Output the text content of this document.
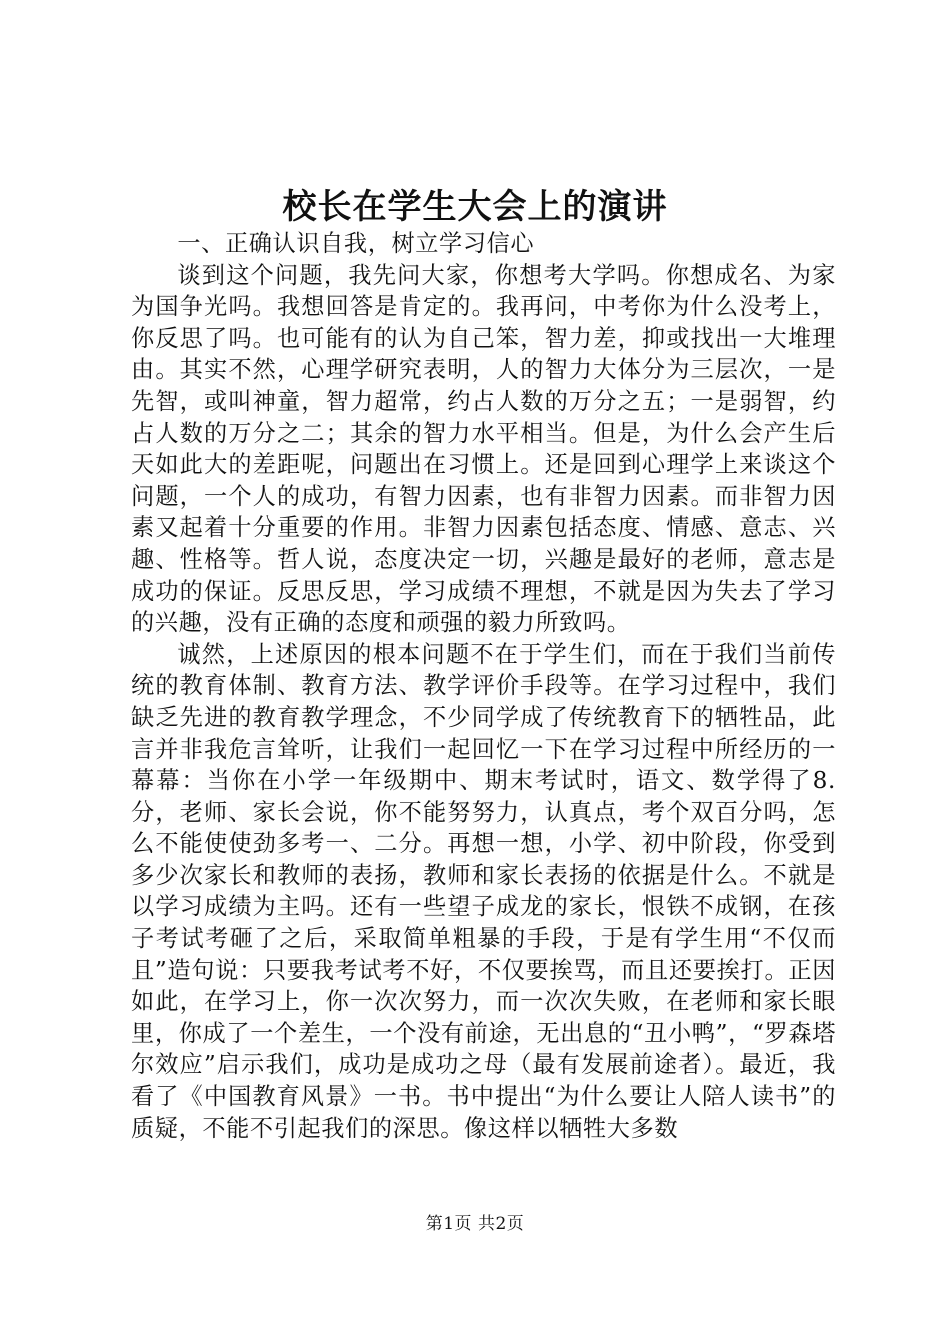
校长在学生大会上的演讲
一、正确认识自我，树立学习信心

谈到这个问题，我先问大家，你想考大学吗。你想成名、为家为国争光吗。我想回答是肯定的。我再问，中考你为什么没考上，你反思了吗。也可能有的认为自己笨，智力差，抑或找出一大堆理由。其实不然，心理学研究表明，人的智力大体分为三层次，一是先智，或叫神童，智力超常，约占人数的万分之五；一是弱智，约占人数的万分之二；其余的智力水平相当。但是，为什么会产生后天如此大的差距呢，问题出在习惯上。还是回到心理学上来谈这个问题，一个人的成功，有智力因素，也有非智力因素。而非智力因素又起着十分重要的作用。非智力因素包括态度、情感、意志、兴趣、性格等。哲人说，态度决定一切，兴趣是最好的老师，意志是成功的保证。反思反思，学习成绩不理想，不就是因为失去了学习的兴趣，没有正确的态度和顽强的毅力所致吗。

诚然，上述原因的根本问题不在于学生们，而在于我们当前传统的教育体制、教育方法、教学评价手段等。在学习过程中，我们缺乏先进的教育教学理念，不少同学成了传统教育下的牺牲品，此言并非我危言耸听，让我们一起回忆一下在学习过程中所经历的一幕幕：当你在小学一年级期中、期末考试时，语文、数学得了8.分，老师、家长会说，你不能努努力，认真点，考个双百分吗，怎么不能使使劲多考一、二分。再想一想，小学、初中阶段，你受到多少次家长和教师的表扬，教师和家长表扬的依据是什么。不就是以学习成绩为主吗。还有一些望子成龙的家长，恨铁不成钢，在孩子考试考砸了之后，采取简单粗暴的手段，于是有学生用“不仅而且”造句说：只要我考试考不好，不仅要挨骂，而且还要挨打。正因如此，在学习上，你一次次努力，而一次次失败，在老师和家长眼里，你成了一个差生，一个没有前途，无出息的“丑小鸭”，“罗森塔尔效应”启示我们，成功是成功之母（最有发展前途者）。最近，我看了《中国教育风景》一书。书中提出“为什么要让人陪人读书”的质疑，不能不引起我们的深思。像这样以牺牲大多数

第1页 共2页
